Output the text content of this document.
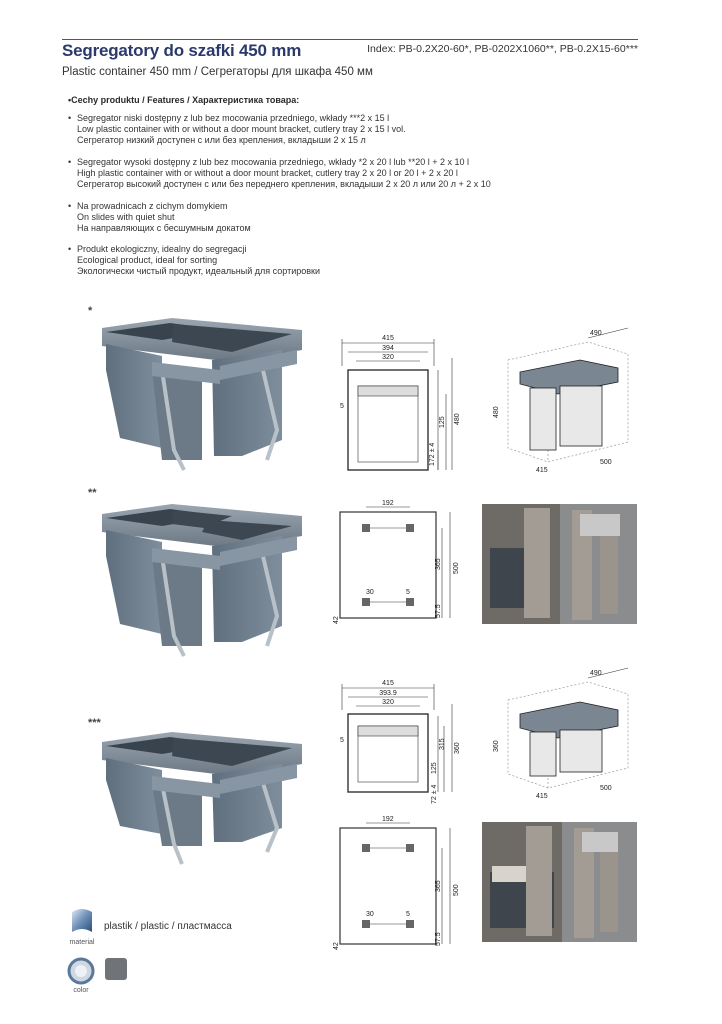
Segregatory do szafki 450 mm	Index: PB-0.2X20-60*, PB-0202X1060**, PB-0.2X15-60***
Plastic container 450 mm / Сегрегаторы для шкафа 450 мм
•Cechy produktu / Features / Характеристика товара:
• Segregator niski dostępny z lub bez mocowania przedniego, wkłady ***2 x 15 l
Low plastic container with or without a door mount bracket, cutlery tray 2 x 15 l vol.
Сегрегатор низкий доступен с или без крепления, вкладыши 2 x 15 л
• Segregator wysoki dostępny z lub bez mocowania przedniego, wkłady *2 x 20 l lub **20 l + 2 x 10 l
High plastic container with or without a door mount bracket, cutlery tray 2 x 20 l or 20 l + 2 x 20 l
Сегрегатор высокий доступен с или без переднего крепления, вкладыши 2 x 20 л или 20 л + 2 x 10
• Na prowadnicach z cichym domykiem
On slides with quiet shut
На направляющих с бесшумным докатом
• Produkt ekologiczny, idealny do segregacji
Ecological product, ideal for sorting
Экологически чистый продукт, идеальный для сортировки
*
**
***
415
394
320
5
125
172 ± 4
480
490
480
415
500
192
30	5
365 500
57.5
42
415
393.9
320
5
125
315 360
72 ± 4
490
360
415
500
192
30	5
365 500
57.5
42
material
plastik / plastic / пластмасса
color
